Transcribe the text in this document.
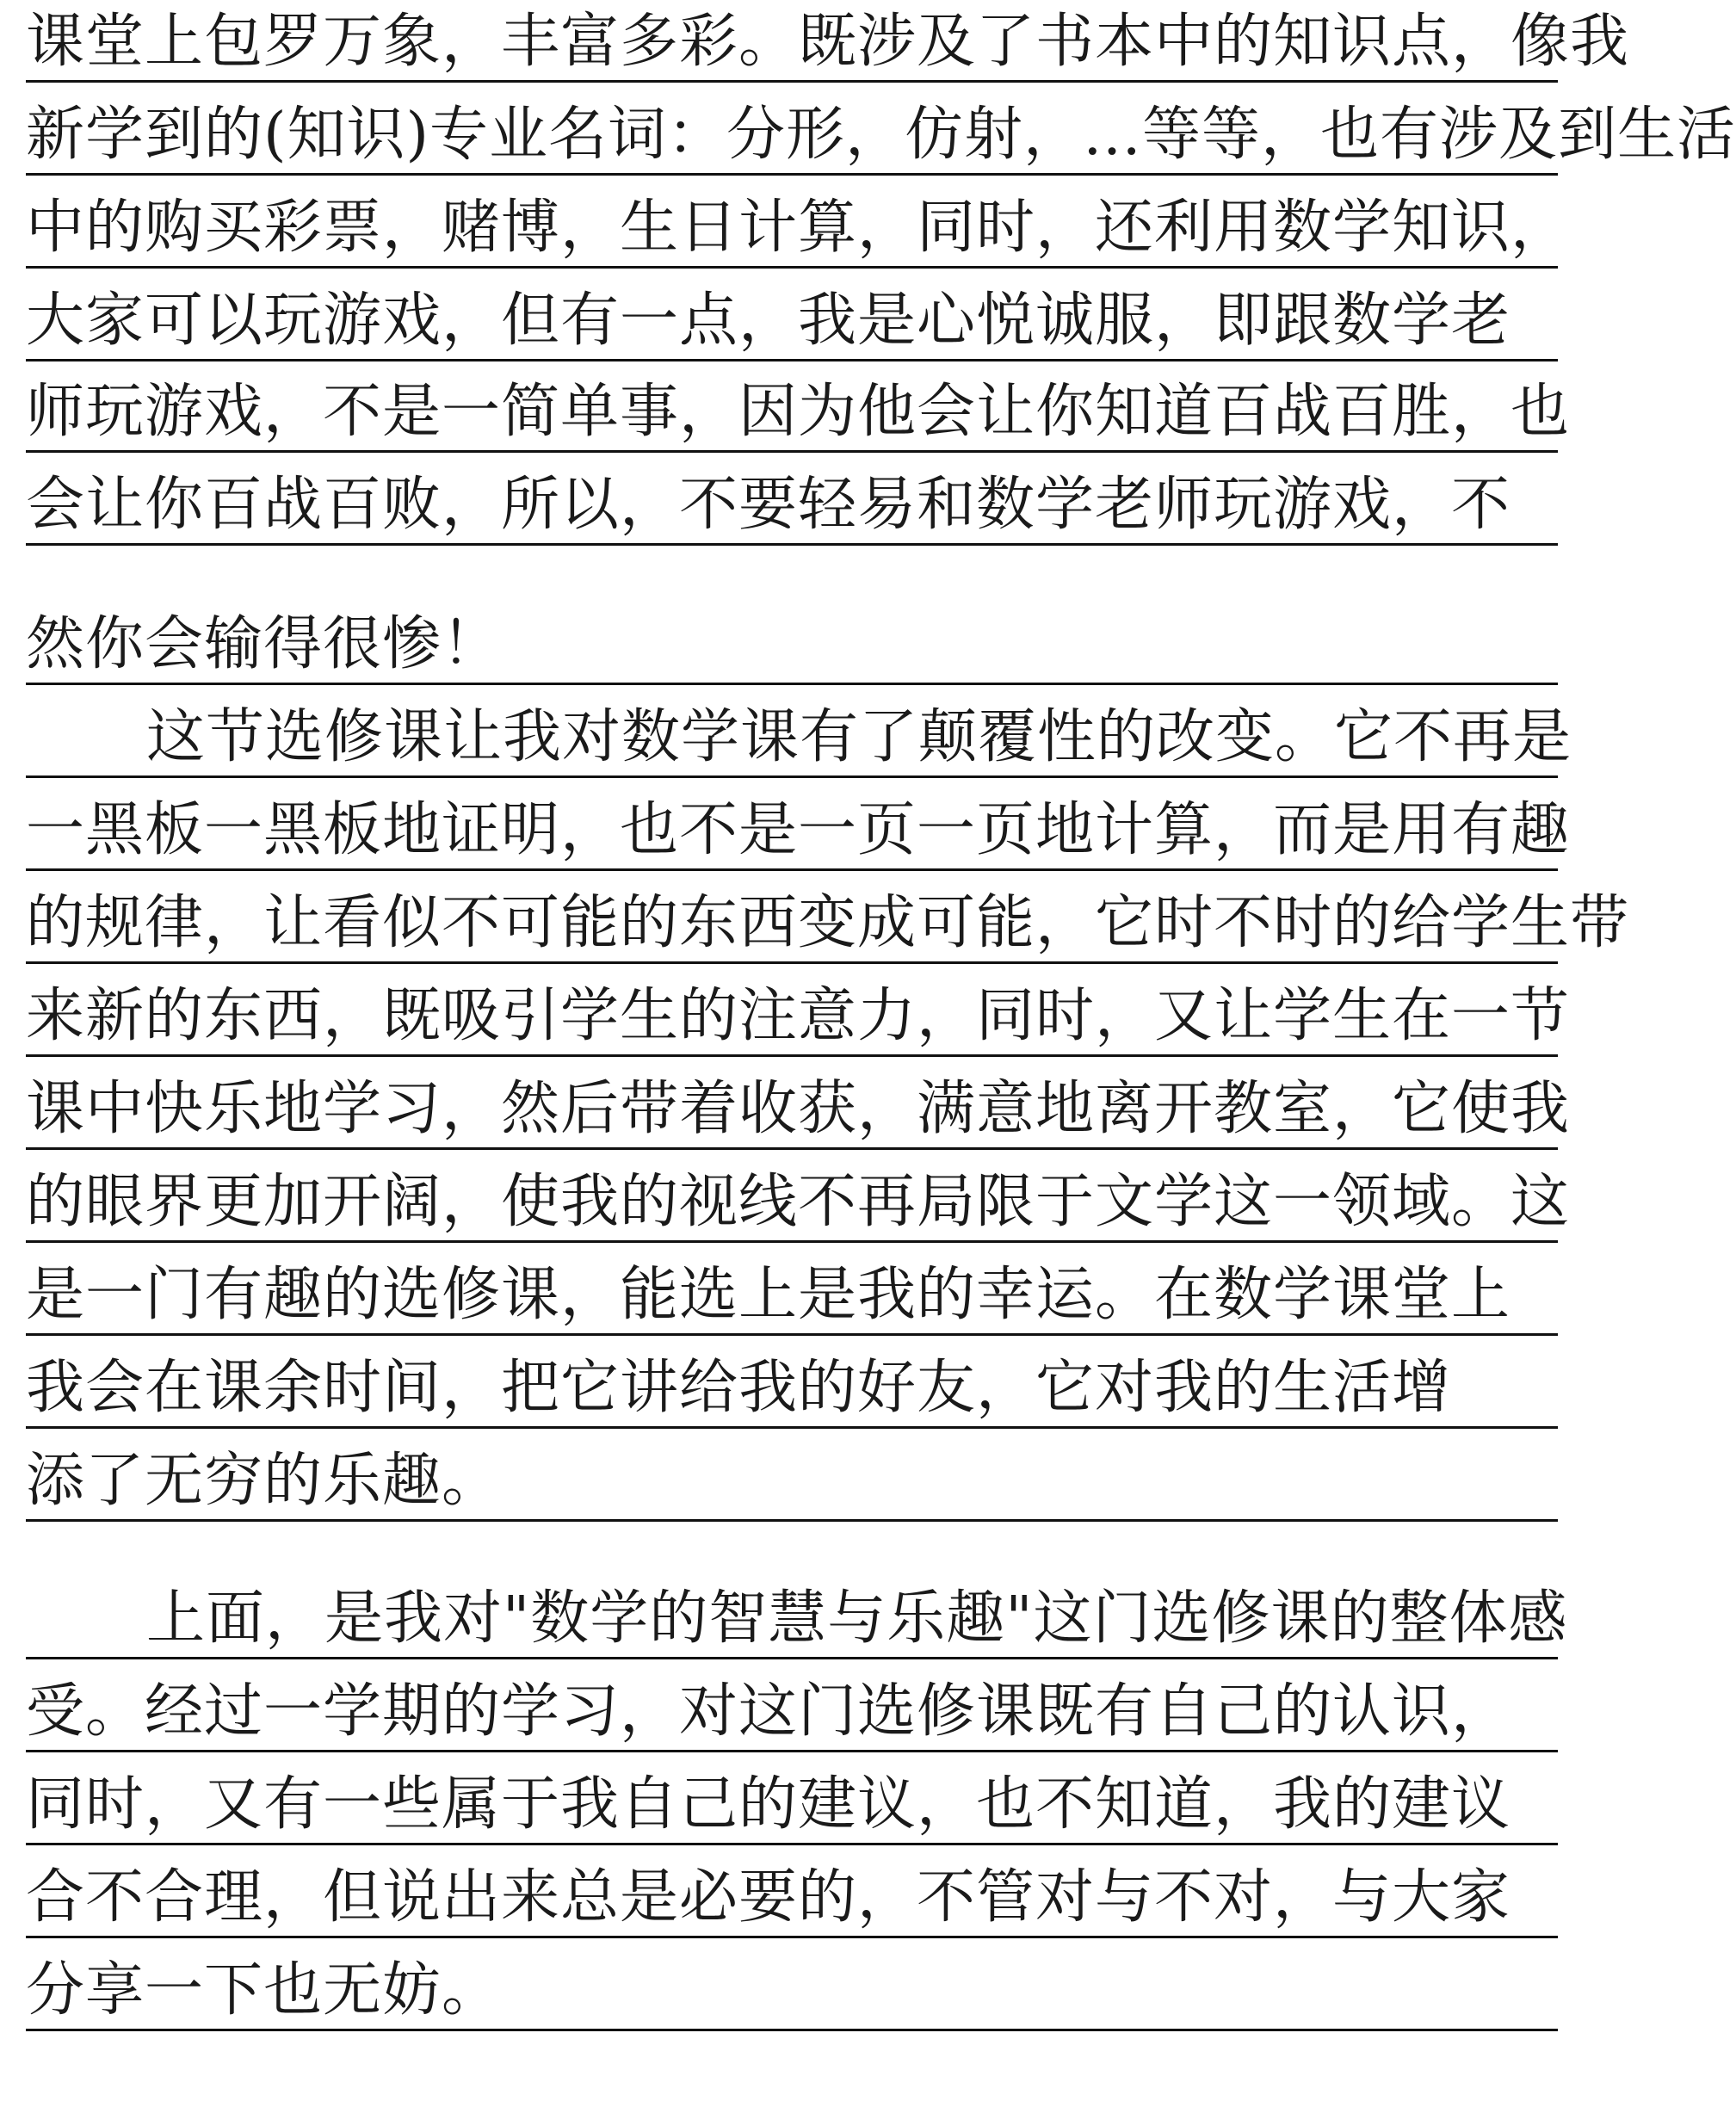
课堂上包罗万象，丰富多彩。既涉及了书本中的知识点，像我
新学到的(知识)专业名词：分形，仿射，…等等，也有涉及到生活
中的购买彩票，赌博，生日计算，同时，还利用数学知识，
大家可以玩游戏，但有一点，我是心悦诚服，即跟数学老
师玩游戏，不是一简单事，因为他会让你知道百战百胜，也
会让你百战百败，所以，不要轻易和数学老师玩游戏，不
然你会输得很惨！
这节选修课让我对数学课有了颠覆性的改变。它不再是
一黑板一黑板地证明，也不是一页一页地计算，而是用有趣
的规律，让看似不可能的东西变成可能，它时不时的给学生带
来新的东西，既吸引学生的注意力，同时，又让学生在一节
课中快乐地学习，然后带着收获，满意地离开教室，它使我
的眼界更加开阔，使我的视线不再局限于文学这一领域。这
是一门有趣的选修课，能选上是我的幸运。在数学课堂上
我会在课余时间，把它讲给我的好友，它对我的生活增
添了无穷的乐趣。
上面，是我对"数学的智慧与乐趣"这门选修课的整体感
受。经过一学期的学习，对这门选修课既有自己的认识，
同时，又有一些属于我自己的建议，也不知道，我的建议
合不合理，但说出来总是必要的，不管对与不对，与大家
分享一下也无妨。
